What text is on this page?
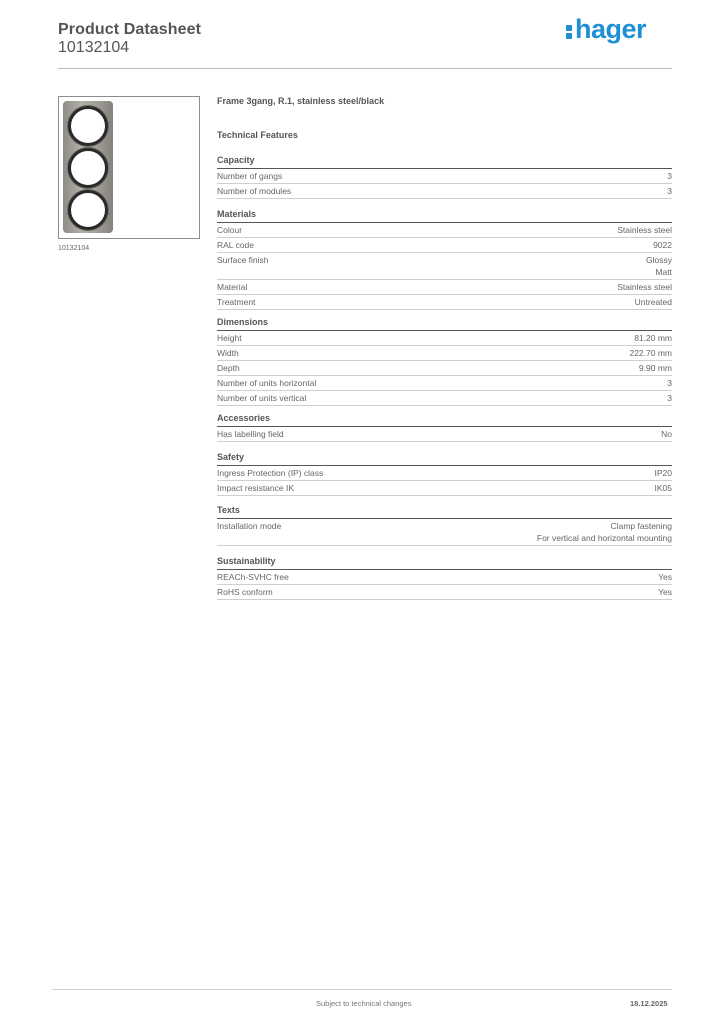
Product Datasheet
10132104
hager
10132104
Frame 3gang, R.1, stainless steel/black
Technical Features
Capacity
Number of gangs	3
Number of modules	3
Materials
Colour	Stainless steel
RAL code	9022
Surface finish	Glossy
Matt
Material	Stainless steel
Treatment	Untreated
Dimensions
Height	81.20 mm
Width	222.70 mm
Depth	9.90 mm
Number of units horizontal	3
Number of units vertical	3
Accessories
Has labelling field	No
Safety
Ingress Protection (IP) class	IP20
Impact resistance IK	IK05
Texts
Installation mode	Clamp fastening
For vertical and horizontal mounting
Sustainability
REACh-SVHC free	Yes
RoHS conform	Yes
Subject to technical changes	18.12.2025
